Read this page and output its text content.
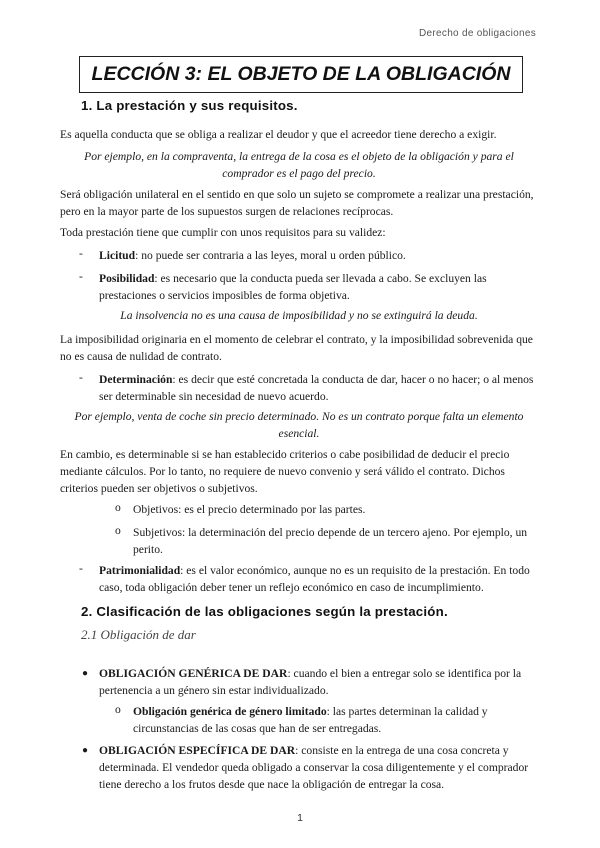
Derecho de obligaciones
LECCIÓN 3: EL OBJETO DE LA OBLIGACIÓN
1. La prestación y sus requisitos.
Es aquella conducta que se obliga a realizar el deudor y que el acreedor tiene derecho a exigir.
Por ejemplo, en la compraventa, la entrega de la cosa es el objeto de la obligación y para el comprador es el pago del precio.
Será obligación unilateral en el sentido en que solo un sujeto se compromete a realizar una prestación, pero en la mayor parte de los supuestos surgen de relaciones recíprocas.
Toda prestación tiene que cumplir con unos requisitos para su validez:
- Licitud: no puede ser contraria a las leyes, moral u orden público.
- Posibilidad: es necesario que la conducta pueda ser llevada a cabo. Se excluyen las prestaciones o servicios imposibles de forma objetiva.
La insolvencia no es una causa de imposibilidad y no se extinguirá la deuda.
La imposibilidad originaria en el momento de celebrar el contrato, y la imposibilidad sobrevenida que no es causa de nulidad de contrato.
- Determinación: es decir que esté concretada la conducta de dar, hacer o no hacer; o al menos ser determinable sin necesidad de nuevo acuerdo.
Por ejemplo, venta de coche sin precio determinado. No es un contrato porque falta un elemento esencial.
En cambio, es determinable si se han establecido criterios o cabe posibilidad de deducir el precio mediante cálculos. Por lo tanto, no requiere de nuevo convenio y será válido el contrato. Dichos criterios pueden ser objetivos o subjetivos.
o Objetivos: es el precio determinado por las partes.
o Subjetivos: la determinación del precio depende de un tercero ajeno. Por ejemplo, un perito.
- Patrimonialidad: es el valor económico, aunque no es un requisito de la prestación. En todo caso, toda obligación deber tener un reflejo económico en caso de incumplimiento.
2. Clasificación de las obligaciones según la prestación.
2.1 Obligación de dar
● OBLIGACIÓN GENÉRICA DE DAR: cuando el bien a entregar solo se identifica por la pertenencia a un género sin estar individualizado.
o Obligación genérica de género limitado: las partes determinan la calidad y circunstancias de las cosas que han de ser entregadas.
● OBLIGACIÓN ESPECÍFICA DE DAR: consiste en la entrega de una cosa concreta y determinada. El vendedor queda obligado a conservar la cosa diligentemente y el comprador tiene derecho a los frutos desde que nace la obligación de entregar la cosa.
1
